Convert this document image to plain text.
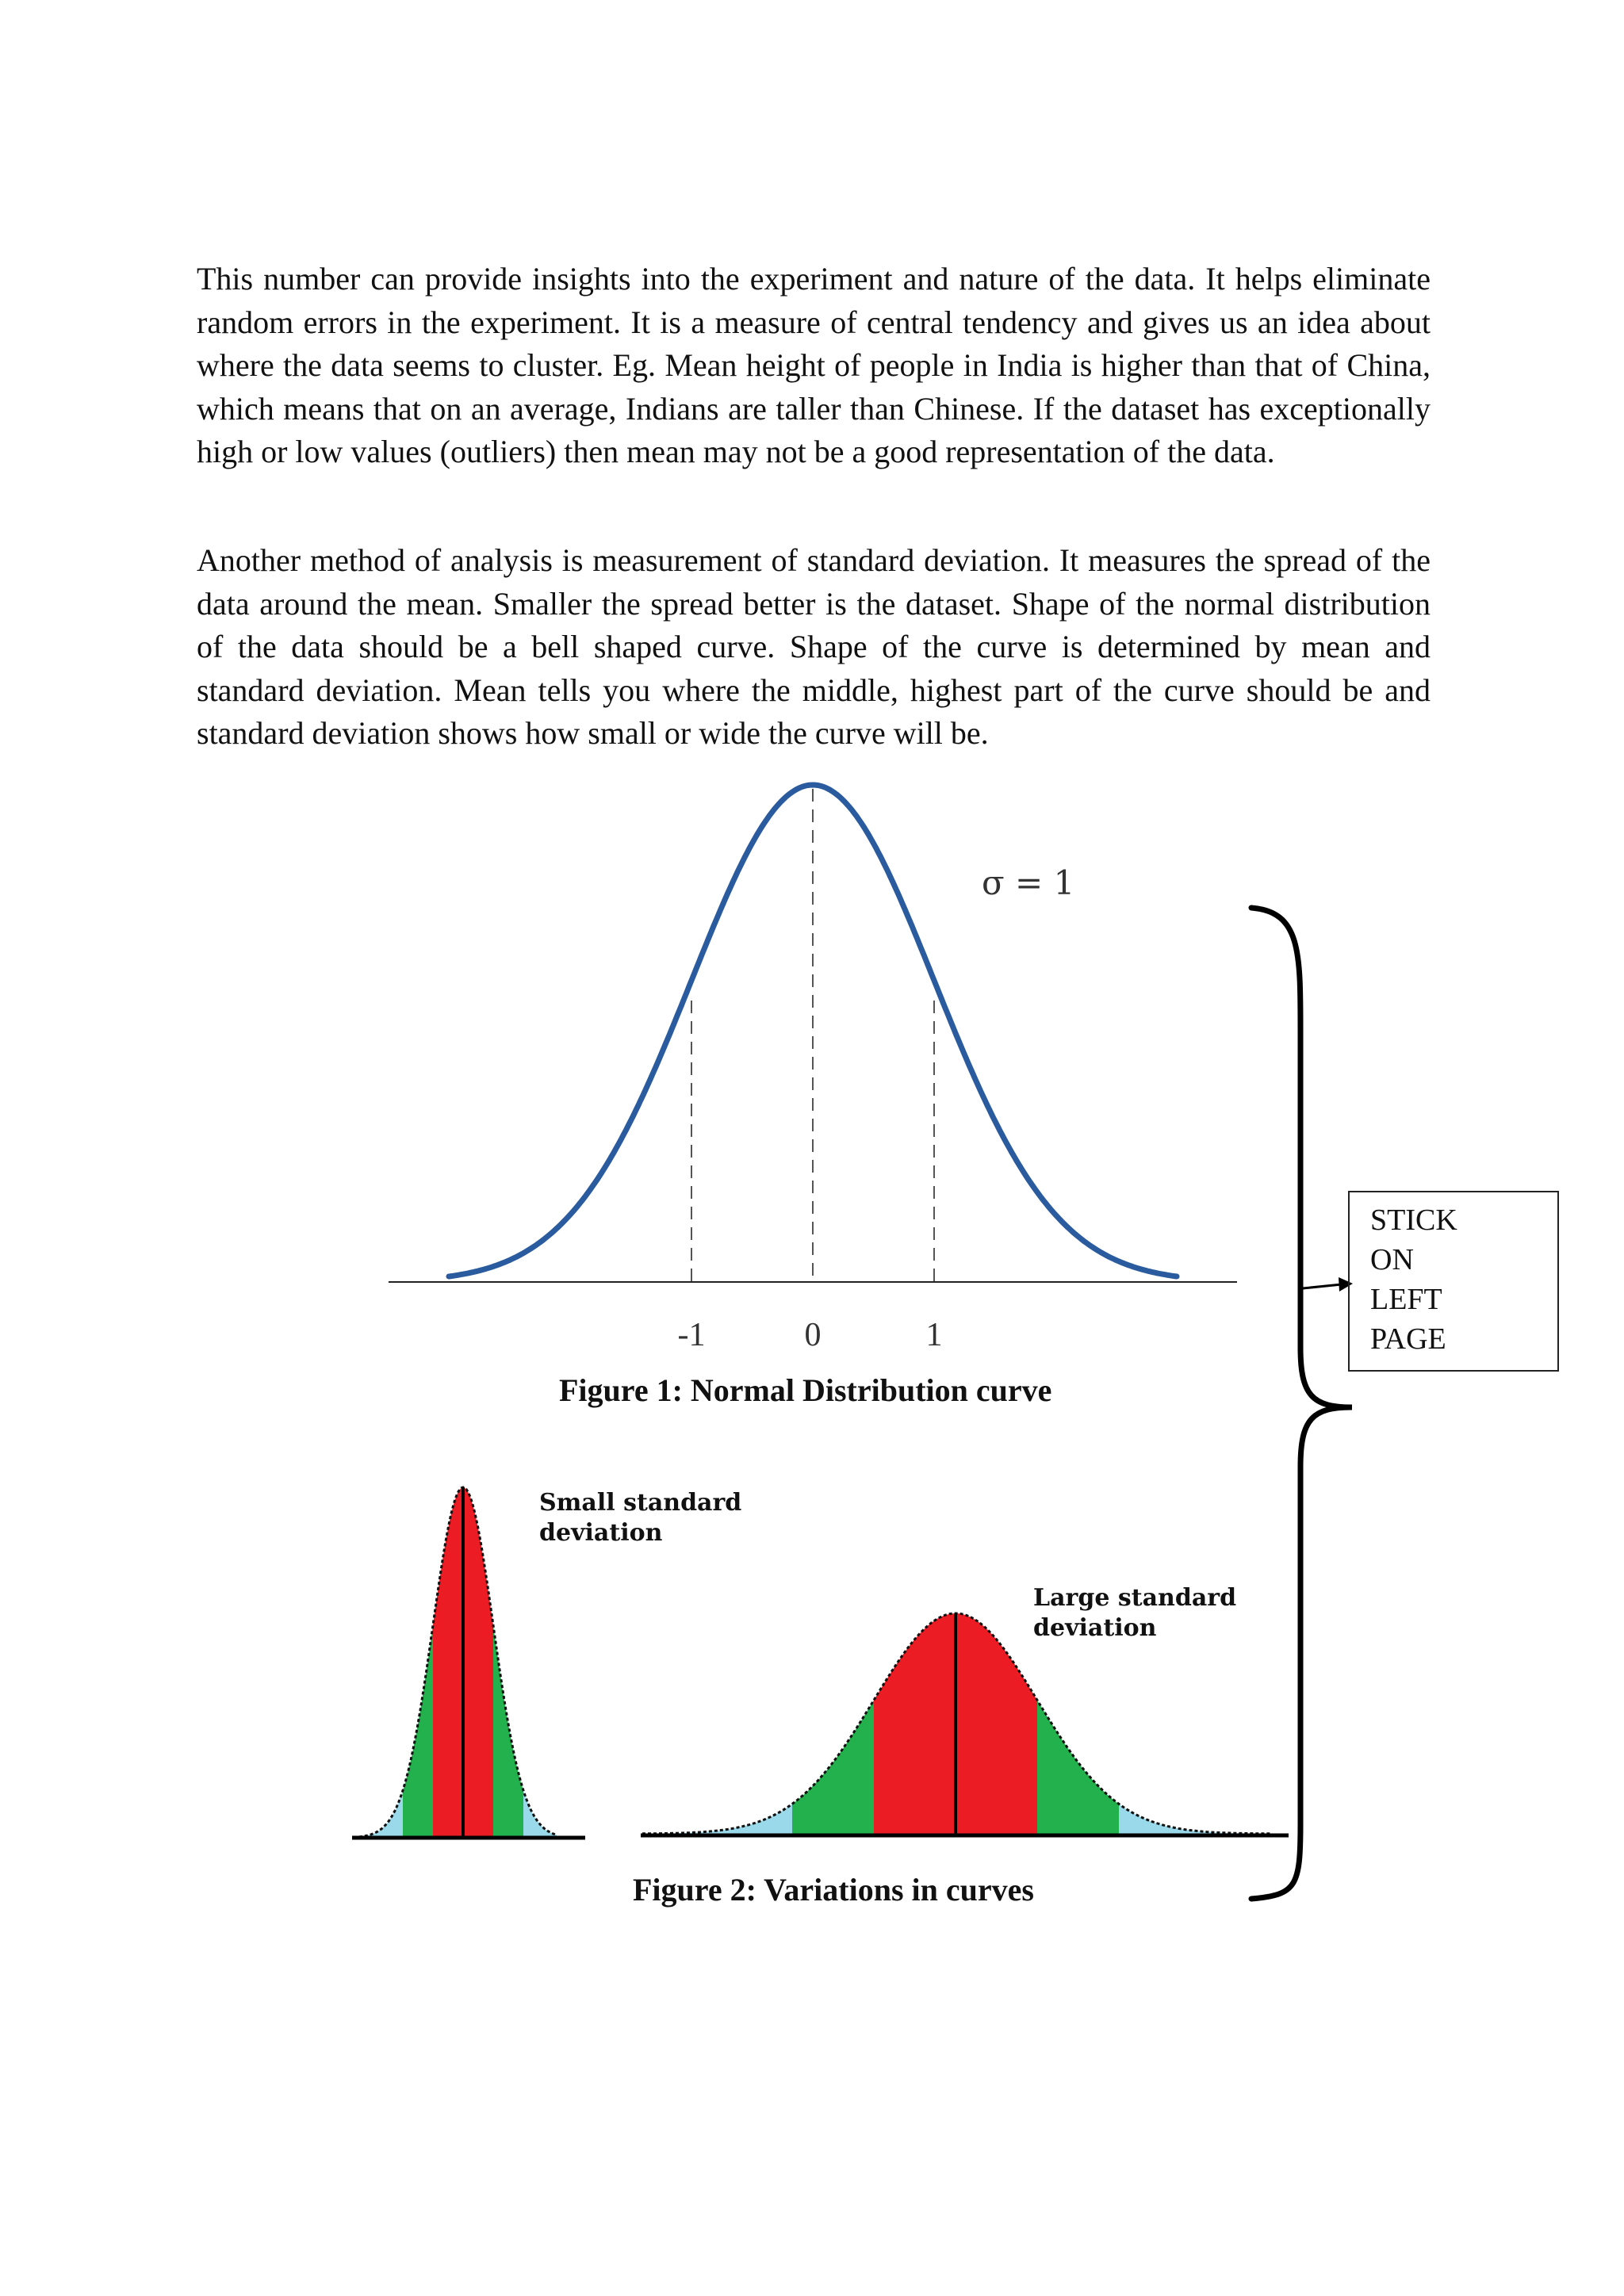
This number can provide insights into the experiment and nature of the data. It helps eliminate random errors in the experiment. It is a measure of central tendency and gives us an idea about where the data seems to cluster. Eg. Mean height of people in India is higher than that of China, which means that on an average, Indians are taller than Chinese. If the dataset has exceptionally high or low values (outliers) then mean may not be a good representation of the data.

Another method of analysis is measurement of standard deviation. It measures the spread of the data around the mean. Smaller the spread better is the dataset. Shape of the normal distribution of the data should be a bell shaped curve. Shape of the curve is determined by mean and standard deviation. Mean tells you where the middle, highest part of the curve should be and standard deviation shows how small or wide the curve will be.

-1	0	1
σ = 1
Small standard
deviation
Large standard
deviation

Figure 1: Normal Distribution curve

Figure 2: Variations in curves

STICK
ON
LEFT
PAGE
